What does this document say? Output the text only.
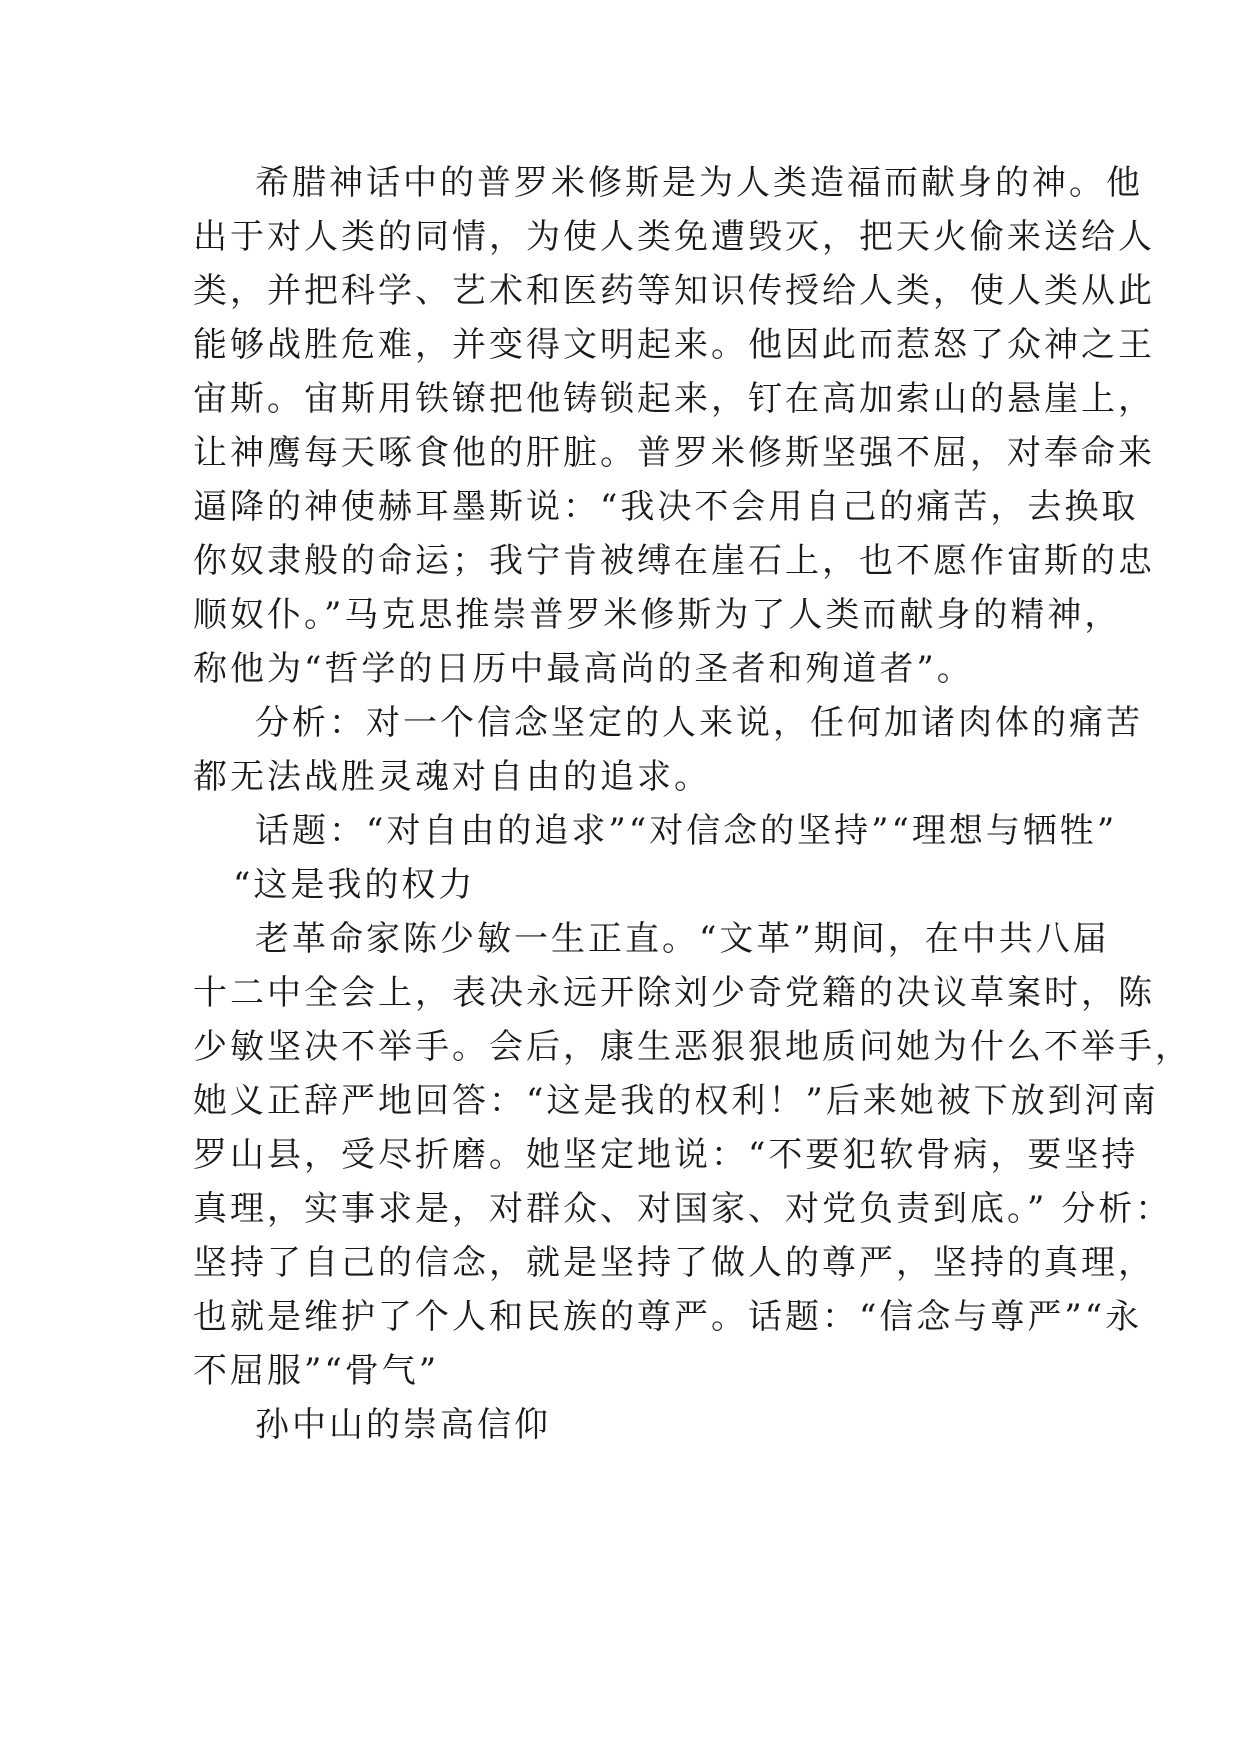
希腊神话中的普罗米修斯是为人类造福而献身的神。他
出于对人类的同情，为使人类免遭毁灭，把天火偷来送给人
类，并把科学、艺术和医药等知识传授给人类，使人类从此
能够战胜危难，并变得文明起来。他因此而惹怒了众神之王
宙斯。宙斯用铁镣把他铸锁起来，钉在高加索山的悬崖上，
让神鹰每天啄食他的肝脏。普罗米修斯坚强不屈，对奉命来
逼降的神使赫耳墨斯说：“我决不会用自己的痛苦，去换取
你奴隶般的命运；我宁肯被缚在崖石上，也不愿作宙斯的忠
顺奴仆。”马克思推崇普罗米修斯为了人类而献身的精神，
称他为“哲学的日历中最高尚的圣者和殉道者”。
分析：对一个信念坚定的人来说，任何加诸肉体的痛苦
都无法战胜灵魂对自由的追求。
话题：“对自由的追求”“对信念的坚持”“理想与牺牲”
“这是我的权力
老革命家陈少敏一生正直。“文革”期间，在中共八届
十二中全会上，表决永远开除刘少奇党籍的决议草案时，陈
少敏坚决不举手。会后，康生恶狠狠地质问她为什么不举手，
她义正辞严地回答：“这是我的权利！”后来她被下放到河南
罗山县，受尽折磨。她坚定地说：“不要犯软骨病，要坚持
真理，实事求是，对群众、对国家、对党负责到底。” 分析：
坚持了自己的信念，就是坚持了做人的尊严，坚持的真理，
也就是维护了个人和民族的尊严。话题：“信念与尊严”“永
不屈服”“骨气”
孙中山的崇高信仰
